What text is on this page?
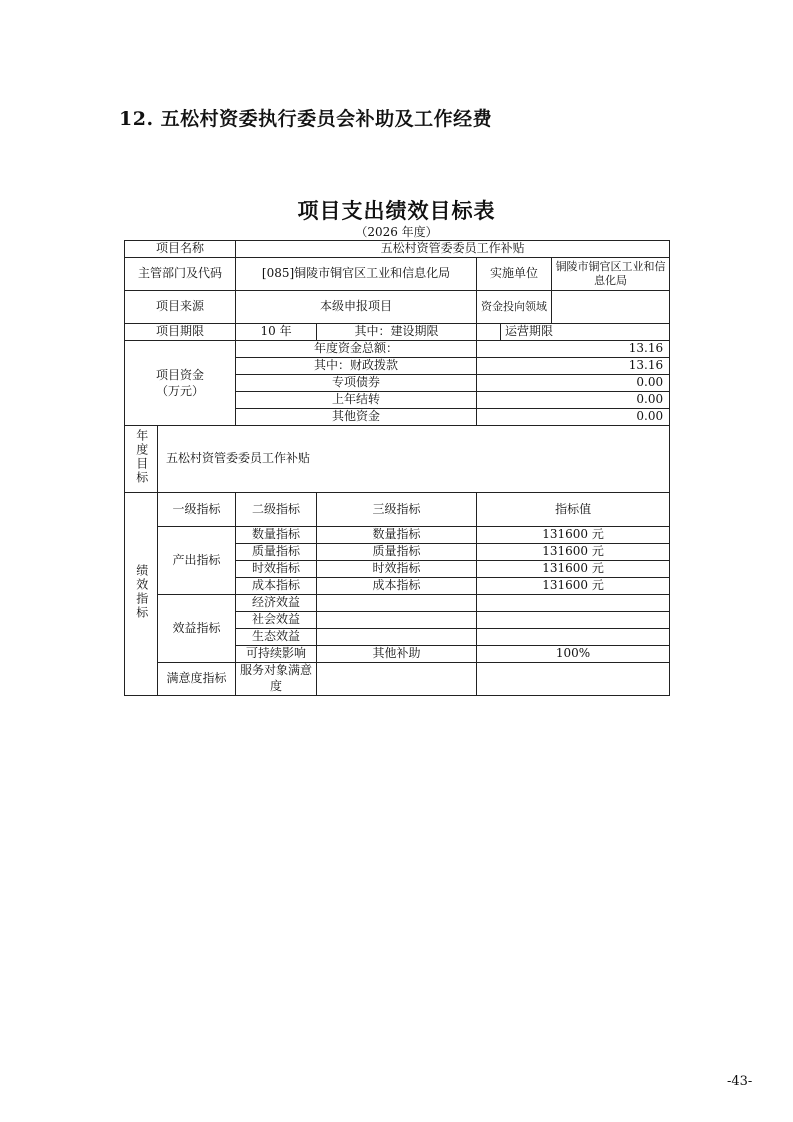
12. 五松村资委执行委员会补助及工作经费
项目支出绩效目标表
（2026 年度）
项目名称		五松村资管委委员工作补贴				
主管部门及代码		[085]铜陵市铜官区工业和信息化局		实施单位		铜陵市铜官区工业和信息化局
项目来源		本级申报项目		资金投向领域		
项目期限		10 年	其中：建设期限		运营期限	

项目资金
（万元）		年度资金总额：		13.16		
		其中：财政拨款		13.16		
		专项债券		0.00		
		上年结转		0.00		
		其他资金		0.00		
年度目标	五松村资管委委员工作补贴					
绩效指标	一级指标	二级指标	三级指标	指标值		
	产出指标	数量指标	数量指标	131600 元		
		质量指标	质量指标	131600 元		
		时效指标	时效指标	131600 元		
		成本指标	成本指标	131600 元		
	效益指标	经济效益				
		社会效益				
		生态效益				
		可持续影响	其他补助	100%		
	满意度指标	服务对象满意度				
-43-
